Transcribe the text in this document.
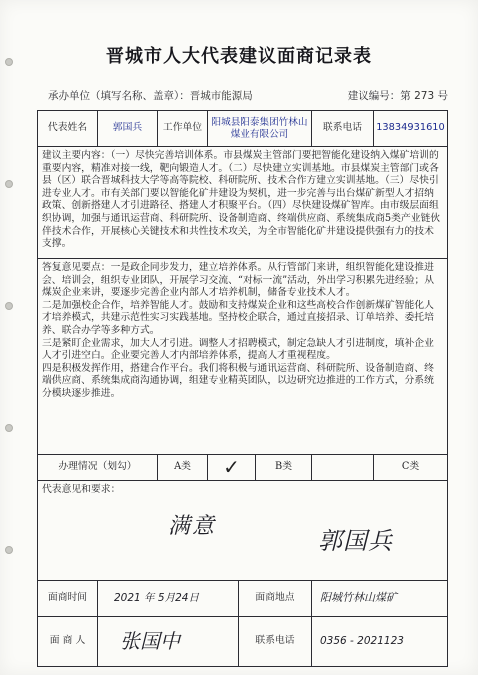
晋城市人大代表建议面商记录表
承办单位（填写名称、盖章）：晋城市能源局	建议编号：第 273 号
代表姓名	郭国兵	工作单位	阳城县阳泰集团竹林山煤业有限公司			联系电话	13834931610
建议主要内容：（一）尽快完善培训体系。市县煤炭主管部门要把智能化建设纳入煤矿培训的重要内容，精准对接一线，靶向锻造人才。（二）尽快建立实训基地。市县煤炭主管部门或各县（区）联合晋城科技大学等高等院校、科研院所、技术合作方建立实训基地。（三）尽快引进专业人才。市有关部门要以智能化矿井建设为契机，进一步完善与出台煤矿新型人才招纳政策、创新搭建人才引进路径、搭建人才积聚平台。（四）尽快建设煤矿智库。由市级层面组织协调，加强与通讯运营商、科研院所、设备制造商、终端供应商、系统集成商5类产业链伙伴技术合作，开展核心关键技术和共性技术攻关，为全市智能化矿井建设提供强有力的技术支撑。							

答复意见要点：一是政企同步发力，建立培养体系。从行管部门来讲，组织智能化建设推进会、培训会，组织专业团队，开展学习交流、“对标一流”活动，外出学习积累先进经验；从煤炭企业来讲，要逐步完善企业内部人才培养机制，储备专业技术人才。
二是加强校企合作，培养智能人才。鼓励和支持煤炭企业和这些高校合作创新煤矿智能化人才培养模式，共建示范性实习实践基地。坚持校企联合，通过直接招录、订单培养、委托培养、联合办学等多种方式。
三是紧盯企业需求，加大人才引进。调整人才招聘模式，制定急缺人才引进制度，填补企业人才引进空白。企业要完善人才内部培养体系，提高人才重视程度。
四是积极发挥作用，搭建合作平台。我们将积极与通讯运营商、科研院所、设备制造商、终端供应商、系统集成商沟通协调，组建专业精英团队，以边研究边推进的工作方式，分系统分模块逐步推进。							

办理情况（划勾）		A类	✓		B类		C类

代表意见和要求：
满意
郭国兵							

面商时间	2021 年 5月24日			面商地点		阳城竹林山煤矿	
面 商 人	张国中			联系电话		0356 - 2021123	
